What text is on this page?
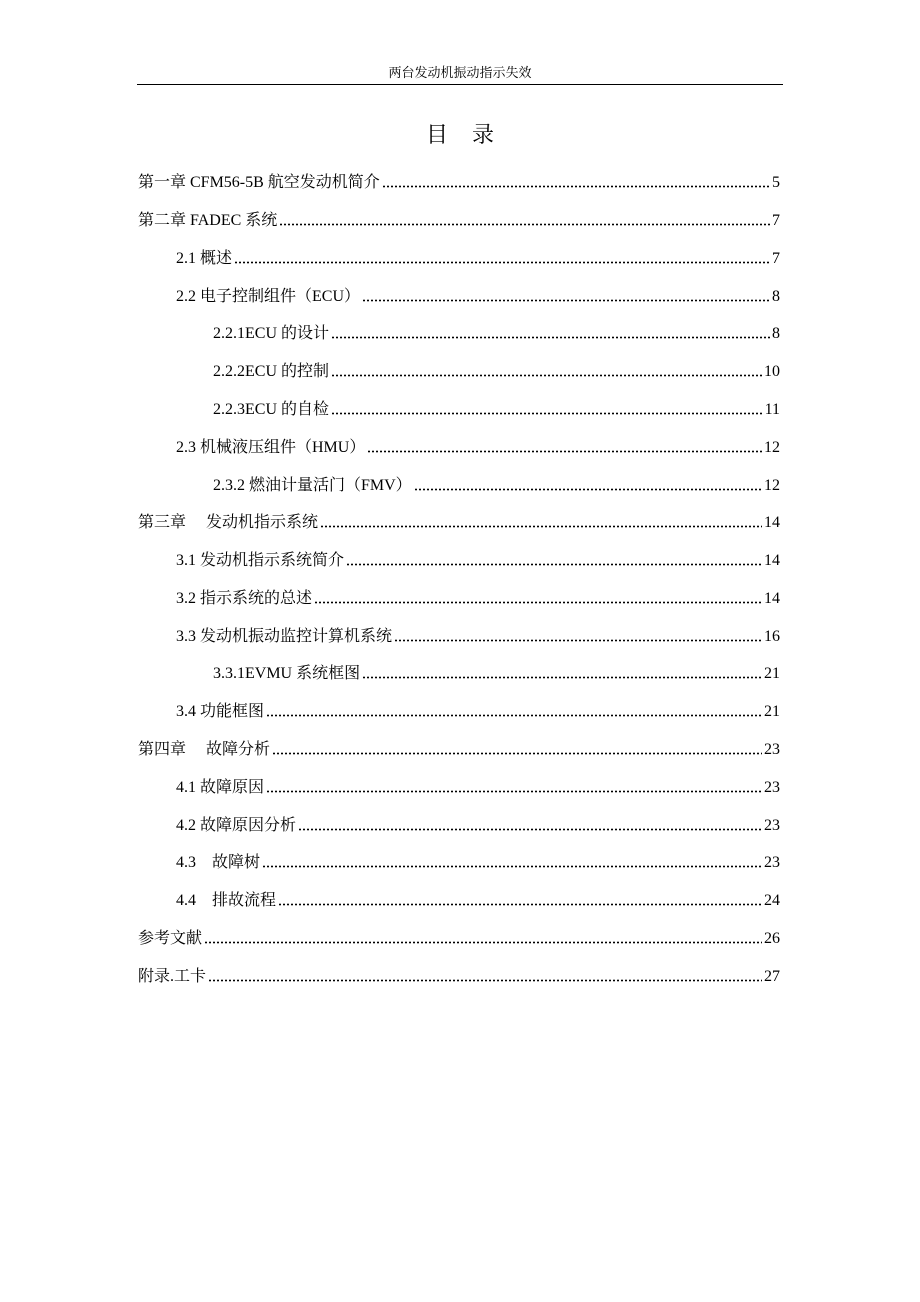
两台发动机振动指示失效
目录
第一章 CFM56-5B 航空发动机简介	5
第二章 FADEC 系统	7
2.1 概述	7
2.2 电子控制组件（ECU）	8
2.2.1ECU 的设计	8
2.2.2ECU 的控制	10
2.2.3ECU 的自检	11
2.3 机械液压组件（HMU）	12
2.3.2 燃油计量活门（FMV）	12
第三章　 发动机指示系统	14
3.1 发动机指示系统简介	14
3.2 指示系统的总述	14
3.3 发动机振动监控计算机系统	16
3.3.1EVMU 系统框图	21
3.4 功能框图	21
第四章　 故障分析	23
4.1 故障原因	23
4.2 故障原因分析	23
4.3　故障树	23
4.4　排故流程	24
参考文献	26
附录.工卡	27
